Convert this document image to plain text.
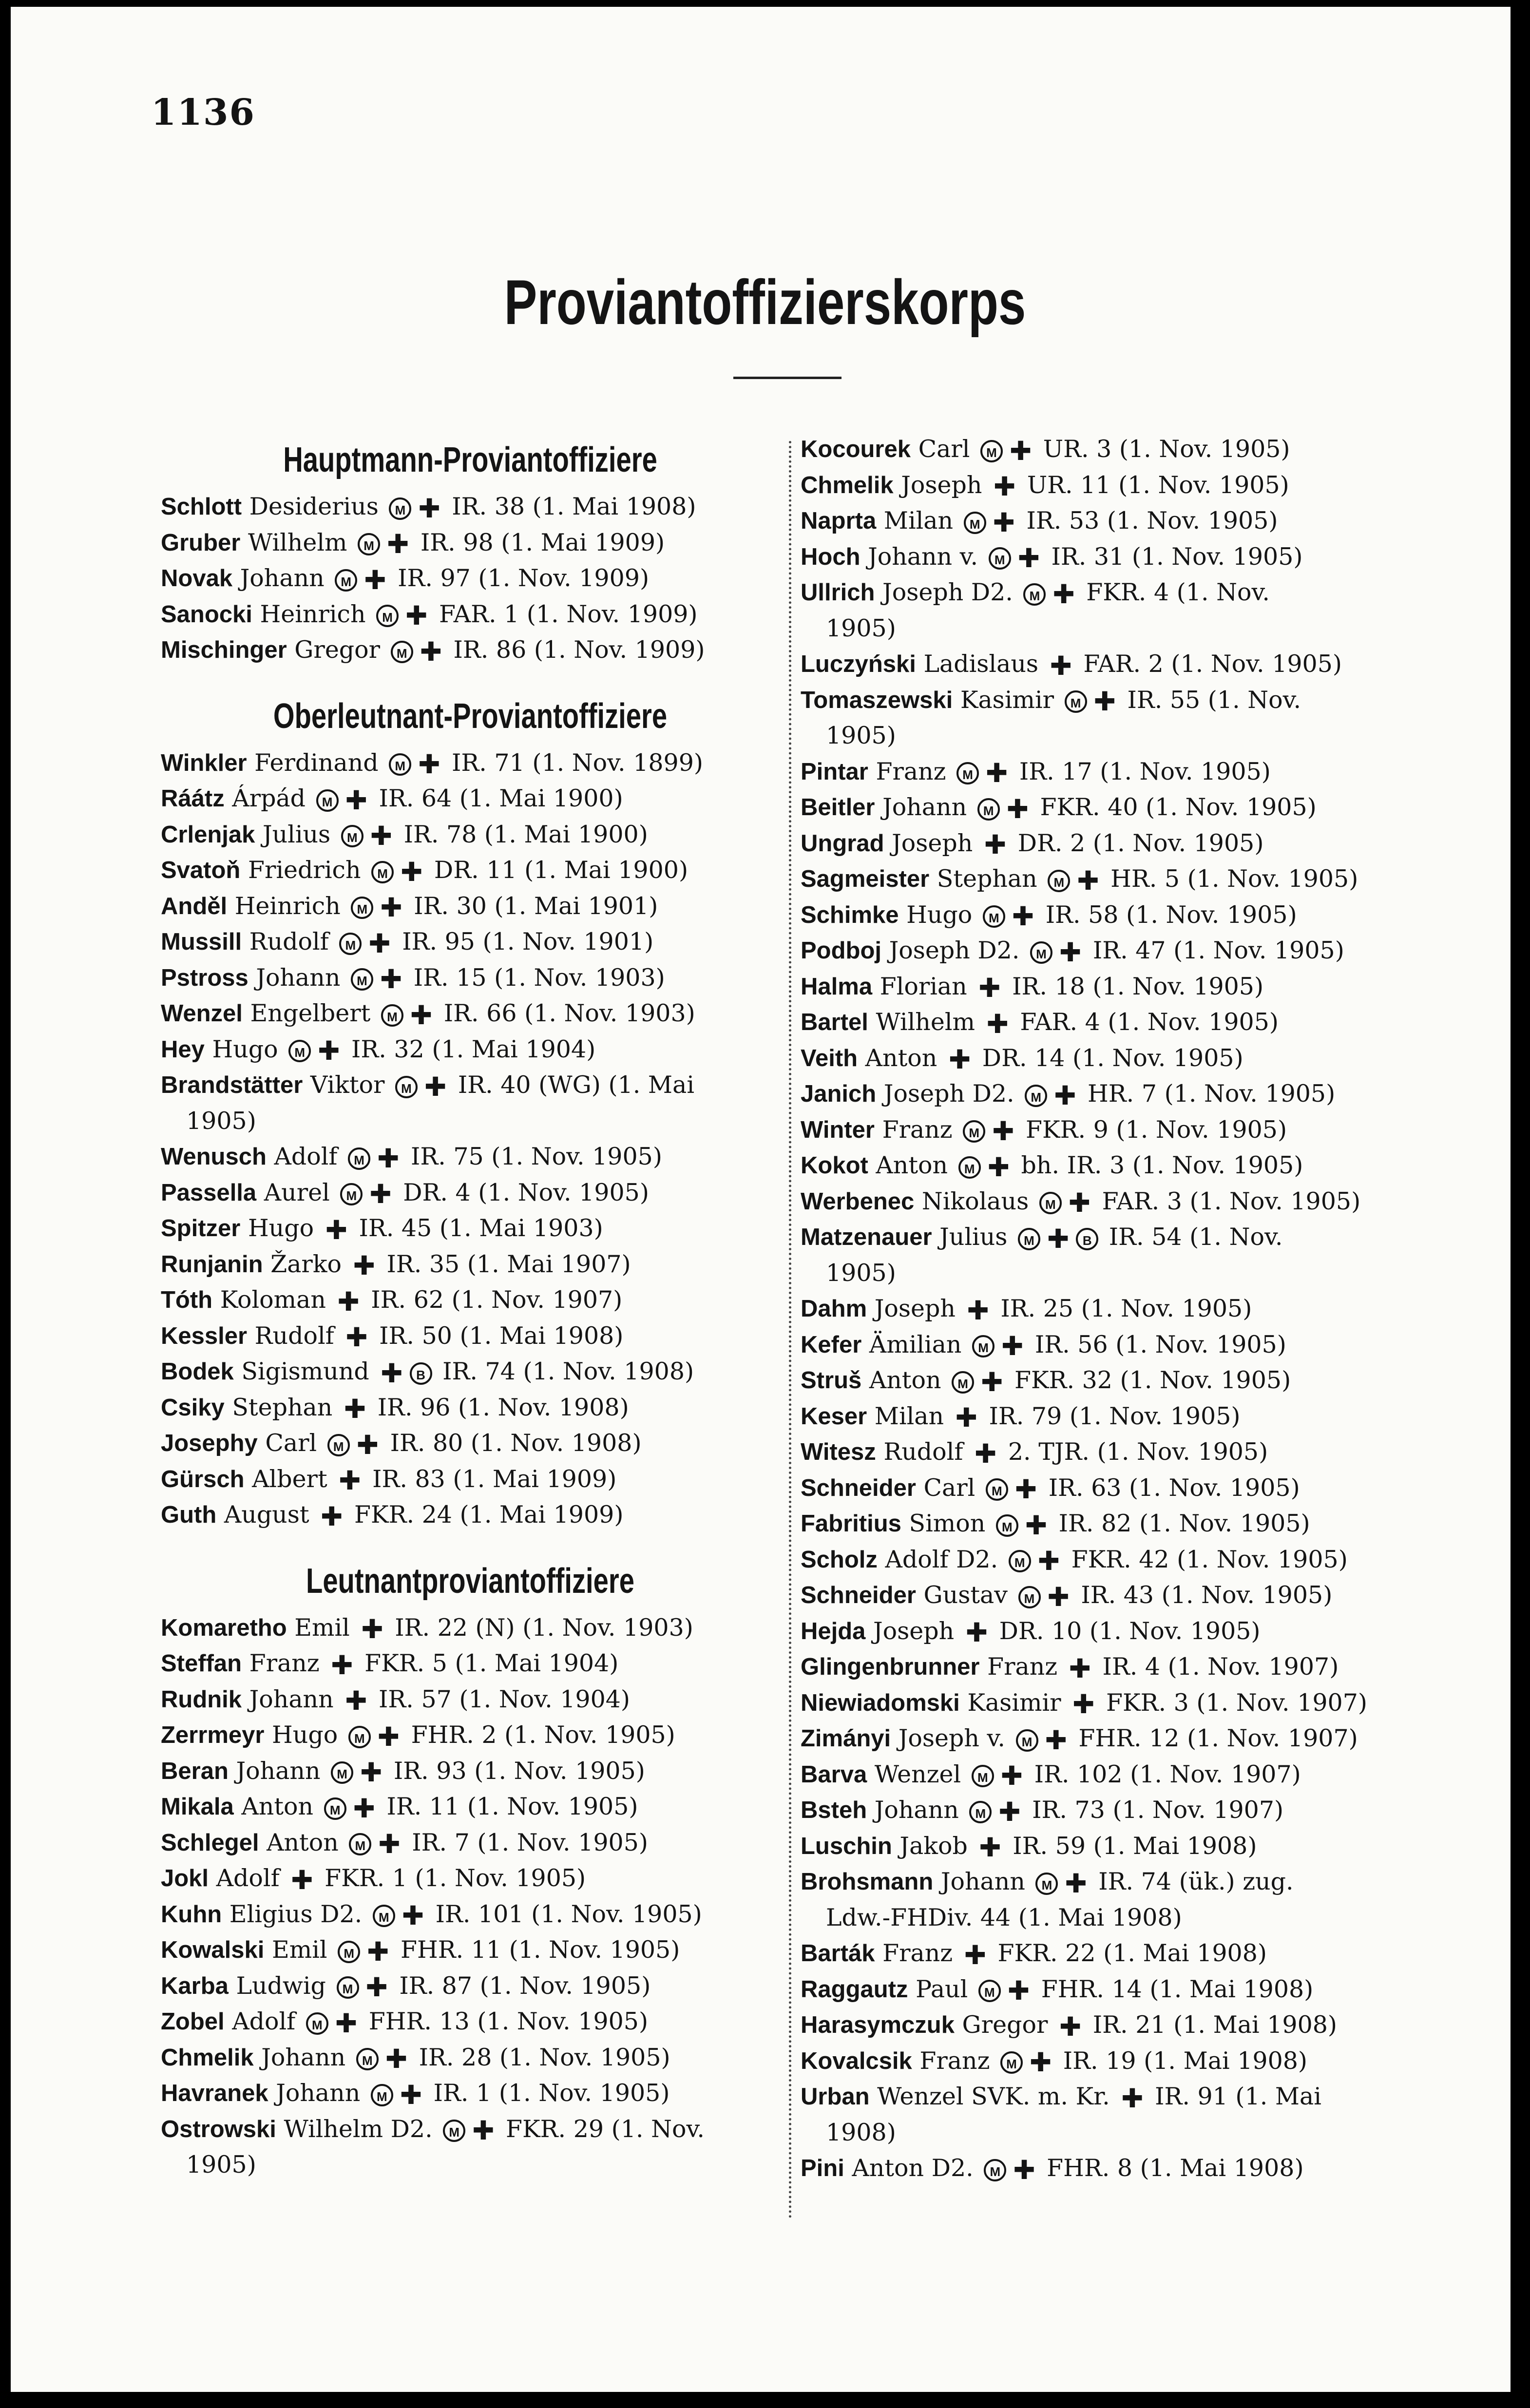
1136
Proviantoffizierskorps
Hauptmann-Proviantoffiziere
Schlott Desiderius M ✚ IR. 38 (1. Mai 1908)
Gruber Wilhelm M ✚ IR. 98 (1. Mai 1909)
Novak Johann M ✚ IR. 97 (1. Nov. 1909)
Sanocki Heinrich M ✚ FAR. 1 (1. Nov. 1909)
Mischinger Gregor M ✚ IR. 86 (1. Nov. 1909)
Oberleutnant-Proviantoffiziere
Winkler Ferdinand M ✚ IR. 71 (1. Nov. 1899)
Ráátz Árpád M ✚ IR. 64 (1. Mai 1900)
Crlenjak Julius M ✚ IR. 78 (1. Mai 1900)
Svatoň Friedrich M ✚ DR. 11 (1. Mai 1900)
Anděl Heinrich M ✚ IR. 30 (1. Mai 1901)
Mussill Rudolf M ✚ IR. 95 (1. Nov. 1901)
Pstross Johann M ✚ IR. 15 (1. Nov. 1903)
Wenzel Engelbert M ✚ IR. 66 (1. Nov. 1903)
Hey Hugo M ✚ IR. 32 (1. Mai 1904)
Brandstätter Viktor M ✚ IR. 40 (WG) (1. Mai
1905)
Wenusch Adolf M ✚ IR. 75 (1. Nov. 1905)
Passella Aurel M ✚ DR. 4 (1. Nov. 1905)
Spitzer Hugo ✚ IR. 45 (1. Mai 1903)
Runjanin Žarko ✚ IR. 35 (1. Mai 1907)
Tóth Koloman ✚ IR. 62 (1. Nov. 1907)
Kessler Rudolf ✚ IR. 50 (1. Mai 1908)
Bodek Sigismund ✚ B IR. 74 (1. Nov. 1908)
Csiky Stephan ✚ IR. 96 (1. Nov. 1908)
Josephy Carl M ✚ IR. 80 (1. Nov. 1908)
Gürsch Albert ✚ IR. 83 (1. Mai 1909)
Guth August ✚ FKR. 24 (1. Mai 1909)
Leutnantproviantoffiziere
Komaretho Emil ✚ IR. 22 (N) (1. Nov. 1903)
Steffan Franz ✚ FKR. 5 (1. Mai 1904)
Rudnik Johann ✚ IR. 57 (1. Nov. 1904)
Zerrmeyr Hugo M ✚ FHR. 2 (1. Nov. 1905)
Beran Johann M ✚ IR. 93 (1. Nov. 1905)
Mikala Anton M ✚ IR. 11 (1. Nov. 1905)
Schlegel Anton M ✚ IR. 7 (1. Nov. 1905)
Jokl Adolf ✚ FKR. 1 (1. Nov. 1905)
Kuhn Eligius D2. M ✚ IR. 101 (1. Nov. 1905)
Kowalski Emil M ✚ FHR. 11 (1. Nov. 1905)
Karba Ludwig M ✚ IR. 87 (1. Nov. 1905)
Zobel Adolf M ✚ FHR. 13 (1. Nov. 1905)
Chmelik Johann M ✚ IR. 28 (1. Nov. 1905)
Havranek Johann M ✚ IR. 1 (1. Nov. 1905)
Ostrowski Wilhelm D2. M ✚ FKR. 29 (1. Nov.
1905)
Kocourek Carl M ✚ UR. 3 (1. Nov. 1905)
Chmelik Joseph ✚ UR. 11 (1. Nov. 1905)
Naprta Milan M ✚ IR. 53 (1. Nov. 1905)
Hoch Johann v. M ✚ IR. 31 (1. Nov. 1905)
Ullrich Joseph D2. M ✚ FKR. 4 (1. Nov.
1905)
Luczyński Ladislaus ✚ FAR. 2 (1. Nov. 1905)
Tomaszewski Kasimir M ✚ IR. 55 (1. Nov.
1905)
Pintar Franz M ✚ IR. 17 (1. Nov. 1905)
Beitler Johann M ✚ FKR. 40 (1. Nov. 1905)
Ungrad Joseph ✚ DR. 2 (1. Nov. 1905)
Sagmeister Stephan M ✚ HR. 5 (1. Nov. 1905)
Schimke Hugo M ✚ IR. 58 (1. Nov. 1905)
Podboj Joseph D2. M ✚ IR. 47 (1. Nov. 1905)
Halma Florian ✚ IR. 18 (1. Nov. 1905)
Bartel Wilhelm ✚ FAR. 4 (1. Nov. 1905)
Veith Anton ✚ DR. 14 (1. Nov. 1905)
Janich Joseph D2. M ✚ HR. 7 (1. Nov. 1905)
Winter Franz M ✚ FKR. 9 (1. Nov. 1905)
Kokot Anton M ✚ bh. IR. 3 (1. Nov. 1905)
Werbenec Nikolaus M ✚ FAR. 3 (1. Nov. 1905)
Matzenauer Julius M ✚ B IR. 54 (1. Nov.
1905)
Dahm Joseph ✚ IR. 25 (1. Nov. 1905)
Kefer Ämilian M ✚ IR. 56 (1. Nov. 1905)
Struš Anton M ✚ FKR. 32 (1. Nov. 1905)
Keser Milan ✚ IR. 79 (1. Nov. 1905)
Witesz Rudolf ✚ 2. TJR. (1. Nov. 1905)
Schneider Carl M ✚ IR. 63 (1. Nov. 1905)
Fabritius Simon M ✚ IR. 82 (1. Nov. 1905)
Scholz Adolf D2. M ✚ FKR. 42 (1. Nov. 1905)
Schneider Gustav M ✚ IR. 43 (1. Nov. 1905)
Hejda Joseph ✚ DR. 10 (1. Nov. 1905)
Glingenbrunner Franz ✚ IR. 4 (1. Nov. 1907)
Niewiadomski Kasimir ✚ FKR. 3 (1. Nov. 1907)
Zimányi Joseph v. M ✚ FHR. 12 (1. Nov. 1907)
Barva Wenzel M ✚ IR. 102 (1. Nov. 1907)
Bsteh Johann M ✚ IR. 73 (1. Nov. 1907)
Luschin Jakob ✚ IR. 59 (1. Mai 1908)
Brohsmann Johann M ✚ IR. 74 (ük.) zug.
Ldw.-FHDiv. 44 (1. Mai 1908)
Barták Franz ✚ FKR. 22 (1. Mai 1908)
Raggautz Paul M ✚ FHR. 14 (1. Mai 1908)
Harasymczuk Gregor ✚ IR. 21 (1. Mai 1908)
Kovalcsik Franz M ✚ IR. 19 (1. Mai 1908)
Urban Wenzel SVK. m. Kr. ✚ IR. 91 (1. Mai
1908)
Pini Anton D2. M ✚ FHR. 8 (1. Mai 1908)
